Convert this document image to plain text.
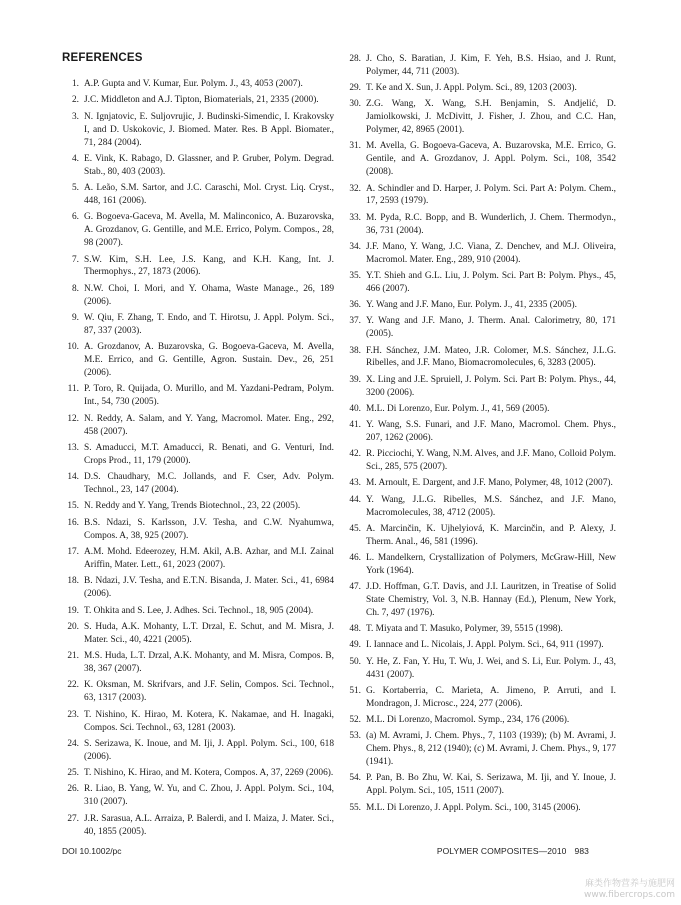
REFERENCES
1. A.P. Gupta and V. Kumar, Eur. Polym. J., 43, 4053 (2007).
2. J.C. Middleton and A.J. Tipton, Biomaterials, 21, 2335 (2000).
3. N. Ignjatovic, E. Suljovrujic, J. Budinski-Simendic, I. Krakovsky I, and D. Uskokovic, J. Biomed. Mater. Res. B Appl. Biomater., 71, 284 (2004).
4. E. Vink, K. Rabago, D. Glassner, and P. Gruber, Polym. Degrad. Stab., 80, 403 (2003).
5. A. Leão, S.M. Sartor, and J.C. Caraschi, Mol. Cryst. Liq. Cryst., 448, 161 (2006).
6. G. Bogoeva-Gaceva, M. Avella, M. Malinconico, A. Buzarovska, A. Grozdanov, G. Gentille, and M.E. Errico, Polym. Compos., 28, 98 (2007).
7. S.W. Kim, S.H. Lee, J.S. Kang, and K.H. Kang, Int. J. Thermophys., 27, 1873 (2006).
8. N.W. Choi, I. Mori, and Y. Ohama, Waste Manage., 26, 189 (2006).
9. W. Qiu, F. Zhang, T. Endo, and T. Hirotsu, J. Appl. Polym. Sci., 87, 337 (2003).
10. A. Grozdanov, A. Buzarovska, G. Bogoeva-Gaceva, M. Avella, M.E. Errico, and G. Gentille, Agron. Sustain. Dev., 26, 251 (2006).
11. P. Toro, R. Quijada, O. Murillo, and M. Yazdani-Pedram, Polym. Int., 54, 730 (2005).
12. N. Reddy, A. Salam, and Y. Yang, Macromol. Mater. Eng., 292, 458 (2007).
13. S. Amaducci, M.T. Amaducci, R. Benati, and G. Venturi, Ind. Crops Prod., 11, 179 (2000).
14. D.S. Chaudhary, M.C. Jollands, and F. Cser, Adv. Polym. Technol., 23, 147 (2004).
15. N. Reddy and Y. Yang, Trends Biotechnol., 23, 22 (2005).
16. B.S. Ndazi, S. Karlsson, J.V. Tesha, and C.W. Nyahumwa, Compos. A, 38, 925 (2007).
17. A.M. Mohd. Edeerozey, H.M. Akil, A.B. Azhar, and M.I. Zainal Ariffin, Mater. Lett., 61, 2023 (2007).
18. B. Ndazi, J.V. Tesha, and E.T.N. Bisanda, J. Mater. Sci., 41, 6984 (2006).
19. T. Ohkita and S. Lee, J. Adhes. Sci. Technol., 18, 905 (2004).
20. S. Huda, A.K. Mohanty, L.T. Drzal, E. Schut, and M. Misra, J. Mater. Sci., 40, 4221 (2005).
21. M.S. Huda, L.T. Drzal, A.K. Mohanty, and M. Misra, Compos. B, 38, 367 (2007).
22. K. Oksman, M. Skrifvars, and J.F. Selin, Compos. Sci. Technol., 63, 1317 (2003).
23. T. Nishino, K. Hirao, M. Kotera, K. Nakamae, and H. Inagaki, Compos. Sci. Technol., 63, 1281 (2003).
24. S. Serizawa, K. Inoue, and M. Iji, J. Appl. Polym. Sci., 100, 618 (2006).
25. T. Nishino, K. Hirao, and M. Kotera, Compos. A, 37, 2269 (2006).
26. R. Liao, B. Yang, W. Yu, and C. Zhou, J. Appl. Polym. Sci., 104, 310 (2007).
27. J.R. Sarasua, A.L. Arraiza, P. Balerdi, and I. Maiza, J. Mater. Sci., 40, 1855 (2005).
28. J. Cho, S. Baratian, J. Kim, F. Yeh, B.S. Hsiao, and J. Runt, Polymer, 44, 711 (2003).
29. T. Ke and X. Sun, J. Appl. Polym. Sci., 89, 1203 (2003).
30. Z.G. Wang, X. Wang, S.H. Benjamin, S. Andjelić, D. Jamiolkowski, J. McDivitt, J. Fisher, J. Zhou, and C.C. Han, Polymer, 42, 8965 (2001).
31. M. Avella, G. Bogoeva-Gaceva, A. Buzarovska, M.E. Errico, G. Gentile, and A. Grozdanov, J. Appl. Polym. Sci., 108, 3542 (2008).
32. A. Schindler and D. Harper, J. Polym. Sci. Part A: Polym. Chem., 17, 2593 (1979).
33. M. Pyda, R.C. Bopp, and B. Wunderlich, J. Chem. Thermodyn., 36, 731 (2004).
34. J.F. Mano, Y. Wang, J.C. Viana, Z. Denchev, and M.J. Oliveira, Macromol. Mater. Eng., 289, 910 (2004).
35. Y.T. Shieh and G.L. Liu, J. Polym. Sci. Part B: Polym. Phys., 45, 466 (2007).
36. Y. Wang and J.F. Mano, Eur. Polym. J., 41, 2335 (2005).
37. Y. Wang and J.F. Mano, J. Therm. Anal. Calorimetry, 80, 171 (2005).
38. F.H. Sánchez, J.M. Mateo, J.R. Colomer, M.S. Sánchez, J.L.G. Ribelles, and J.F. Mano, Biomacromolecules, 6, 3283 (2005).
39. X. Ling and J.E. Spruiell, J. Polym. Sci. Part B: Polym. Phys., 44, 3200 (2006).
40. M.L. Di Lorenzo, Eur. Polym. J., 41, 569 (2005).
41. Y. Wang, S.S. Funari, and J.F. Mano, Macromol. Chem. Phys., 207, 1262 (2006).
42. R. Picciochi, Y. Wang, N.M. Alves, and J.F. Mano, Colloid Polym. Sci., 285, 575 (2007).
43. M. Arnoult, E. Dargent, and J.F. Mano, Polymer, 48, 1012 (2007).
44. Y. Wang, J.L.G. Ribelles, M.S. Sánchez, and J.F. Mano, Macromolecules, 38, 4712 (2005).
45. A. Marcinčin, K. Ujhelyiová, K. Marcinčin, and P. Alexy, J. Therm. Anal., 46, 581 (1996).
46. L. Mandelkern, Crystallization of Polymers, McGraw-Hill, New York (1964).
47. J.D. Hoffman, G.T. Davis, and J.I. Lauritzen, in Treatise of Solid State Chemistry, Vol. 3, N.B. Hannay (Ed.), Plenum, New York, Ch. 7, 497 (1976).
48. T. Miyata and T. Masuko, Polymer, 39, 5515 (1998).
49. I. Iannace and L. Nicolais, J. Appl. Polym. Sci., 64, 911 (1997).
50. Y. He, Z. Fan, Y. Hu, T. Wu, J. Wei, and S. Li, Eur. Polym. J., 43, 4431 (2007).
51. G. Kortaberria, C. Marieta, A. Jimeno, P. Arruti, and I. Mondragon, J. Microsc., 224, 277 (2006).
52. M.L. Di Lorenzo, Macromol. Symp., 234, 176 (2006).
53. (a) M. Avrami, J. Chem. Phys., 7, 1103 (1939); (b) M. Avrami, J. Chem. Phys., 8, 212 (1940); (c) M. Avrami, J. Chem. Phys., 9, 177 (1941).
54. P. Pan, B. Bo Zhu, W. Kai, S. Serizawa, M. Iji, and Y. Inoue, J. Appl. Polym. Sci., 105, 1511 (2007).
55. M.L. Di Lorenzo, J. Appl. Polym. Sci., 100, 3145 (2006).
DOI 10.1002/pc	POLYMER COMPOSITES—2010 983
麻类作物营养与施肥网
www.fibercrops.com
